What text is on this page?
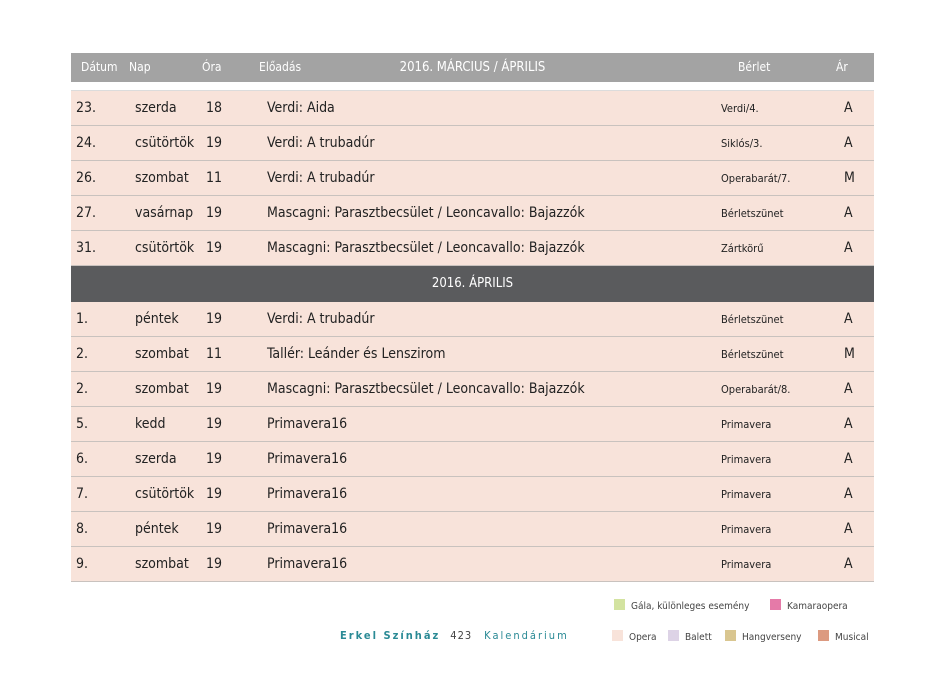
2016. MÁRCIUS / ÁPRILIS
Dátum Nap	Óra	Előadás	Bérlet	Ár
23.	szerda 18	Verdi: Aida	Verdi/4.	A
24.	csütörtök 19	Verdi: A trubadúr	Siklós/3.	A
26.	szombat 11	Verdi: A trubadúr	Operabarát/7.	M
27.	vasárnap 19	Mascagni: Parasztbecsület / Leoncavallo: Bajazzók	Bérletszünet	A
31.	csütörtök 19	Mascagni: Parasztbecsület / Leoncavallo: Bajazzók	Zártkörű	A
2016. ÁPRILIS
1.	péntek 19	Verdi: A trubadúr	Bérletszünet	A
2.	szombat 11	Tallér: Leánder és Lenszirom	Bérletszünet	M
2.	szombat 19	Mascagni: Parasztbecsület / Leoncavallo: Bajazzók	Operabarát/8.	A
5.	kedd	19	Primavera16	Primavera	A
6.	szerda 19	Primavera16	Primavera	A
7.	csütörtök 19	Primavera16	Primavera	A
8.	péntek 19	Primavera16	Primavera	A
9.	szombat 19	Primavera16	Primavera	A
Erkel Színház 423 Kalendárium
Gála, különleges esemény	Kamaraopera
Opera	Balett	Hangverseny	Musical
